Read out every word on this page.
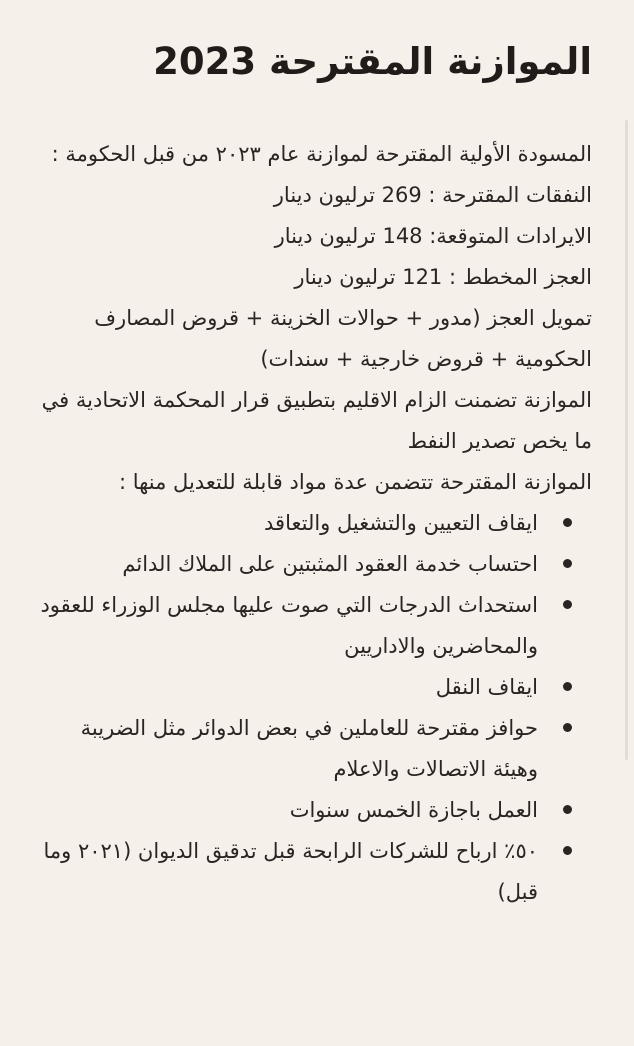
الموازنة المقترحة 2023

المسودة الأولية المقترحة لموازنة عام ٢٠٢٣ من قبل الحكومة :

النفقات المقترحة : 269 ترليون دينار

الايرادات المتوقعة: 148 ترليون دينار

العجز المخطط : 121 ترليون دينار

تمويل العجز (مدور + حوالات الخزينة + قروض المصارف الحكومية + قروض خارجية + سندات)

الموازنة تضمنت الزام الاقليم بتطبيق قرار المحكمة الاتحادية في ما يخص تصدير النفط

الموازنة المقترحة تتضمن عدة مواد قابلة للتعديل منها :

ايقاف التعيين والتشغيل والتعاقد
احتساب خدمة العقود المثبتين على الملاك الدائم
استحداث الدرجات التي صوت عليها مجلس الوزراء للعقود والمحاضرين والاداريين
ايقاف النقل
حوافز مقترحة للعاملين في بعض الدوائر مثل الضريبة وهيئة الاتصالات والاعلام
العمل باجازة الخمس سنوات
٥٠٪ ارباح للشركات الرابحة قبل تدقيق الديوان (٢٠٢١ وما قبل)
